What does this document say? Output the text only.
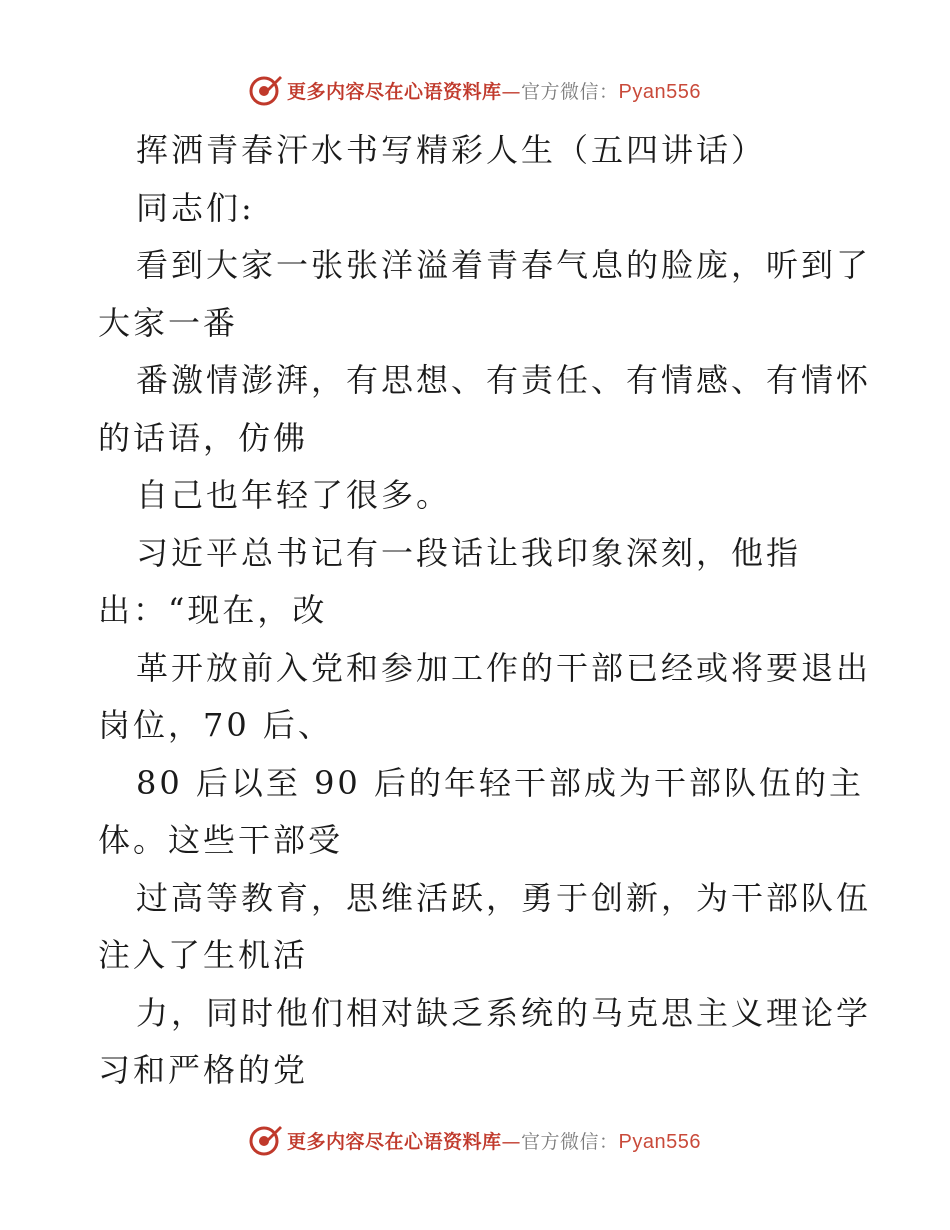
更多内容尽在心语资料库—官方微信：Pyan556
挥洒青春汗水书写精彩人生（五四讲话）
同志们:
看到大家一张张洋溢着青春气息的脸庞，听到了
大家一番
番激情澎湃，有思想、有责任、有情感、有情怀
的话语，仿佛
自己也年轻了很多。
习近平总书记有一段话让我印象深刻，他指
出：“现在，改
革开放前入党和参加工作的干部已经或将要退出
岗位，70 后、
80 后以至 90 后的年轻干部成为干部队伍的主
体。这些干部受
过高等教育，思维活跃，勇于创新，为干部队伍
注入了生机活
力，同时他们相对缺乏系统的马克思主义理论学
习和严格的党
更多内容尽在心语资料库—官方微信：Pyan556
